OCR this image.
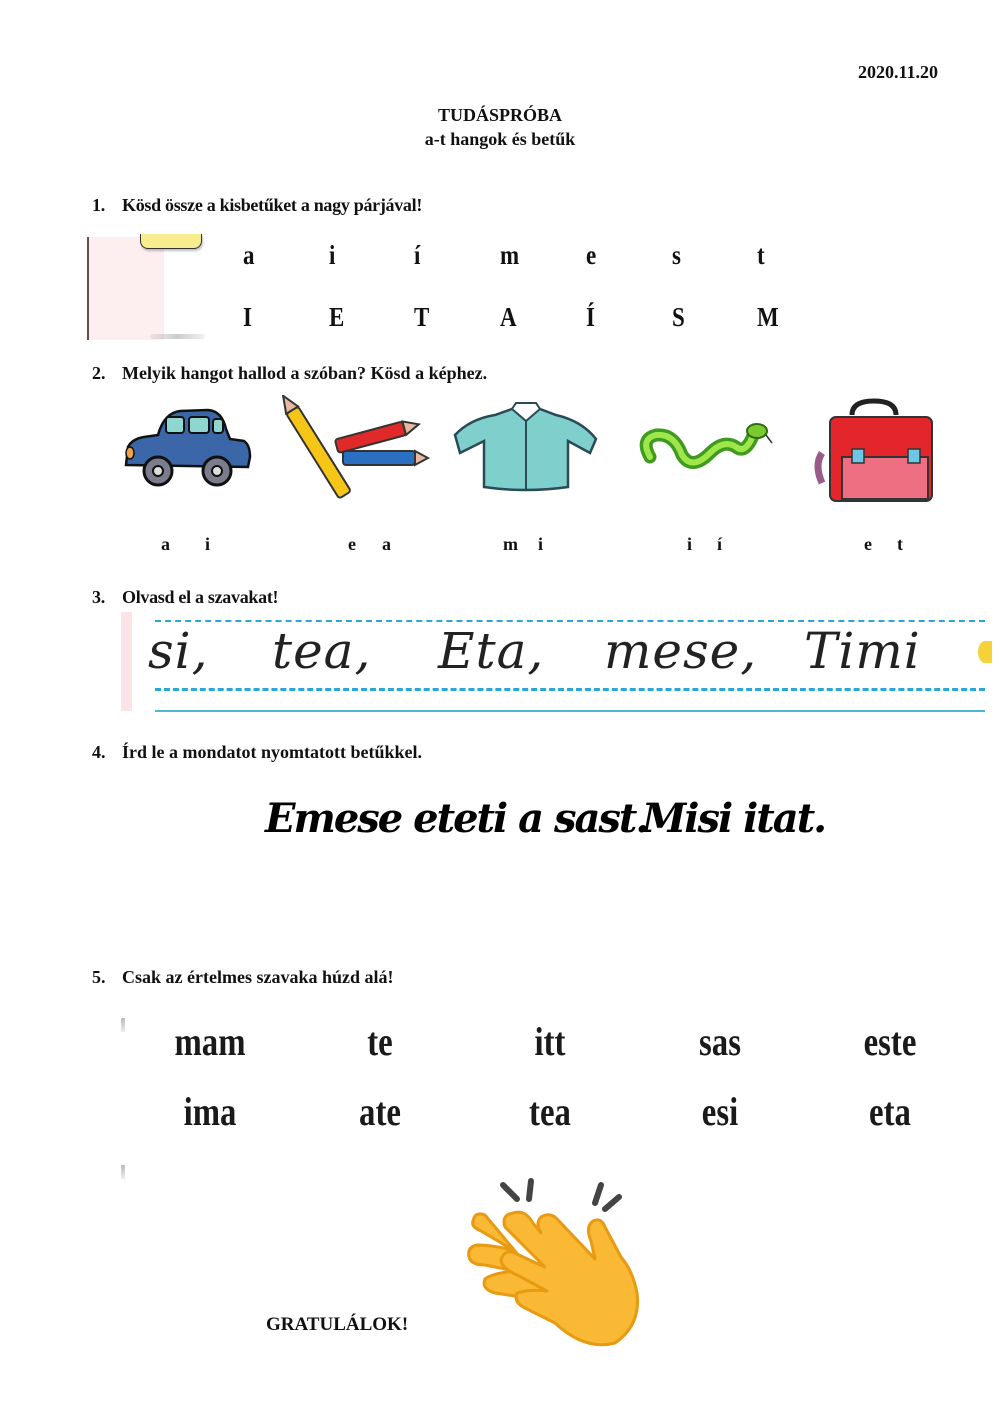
2020.11.20
TUDÁSPRÓBA
a-t hangok és betűk
1. Kösd össze a kisbetűket a nagy párjával!
a	i	í	m	e	s	t
I	E	T	A	Í	S	M
2. Melyik hangot hallod a szóban? Kösd a képhez.
a i	e a	m i	i í	e t
3. Olvasd el a szavakat!
si, tea, Eta, mese, Timi
4. Írd le a mondatot nyomtatott betűkkel.
Emese eteti a sast.
Misi itat.
5. Csak az értelmes szavaka húzd alá!
mam	te	itt	sas	este
ima	ate	tea	esi	eta
GRATULÁLOK!
